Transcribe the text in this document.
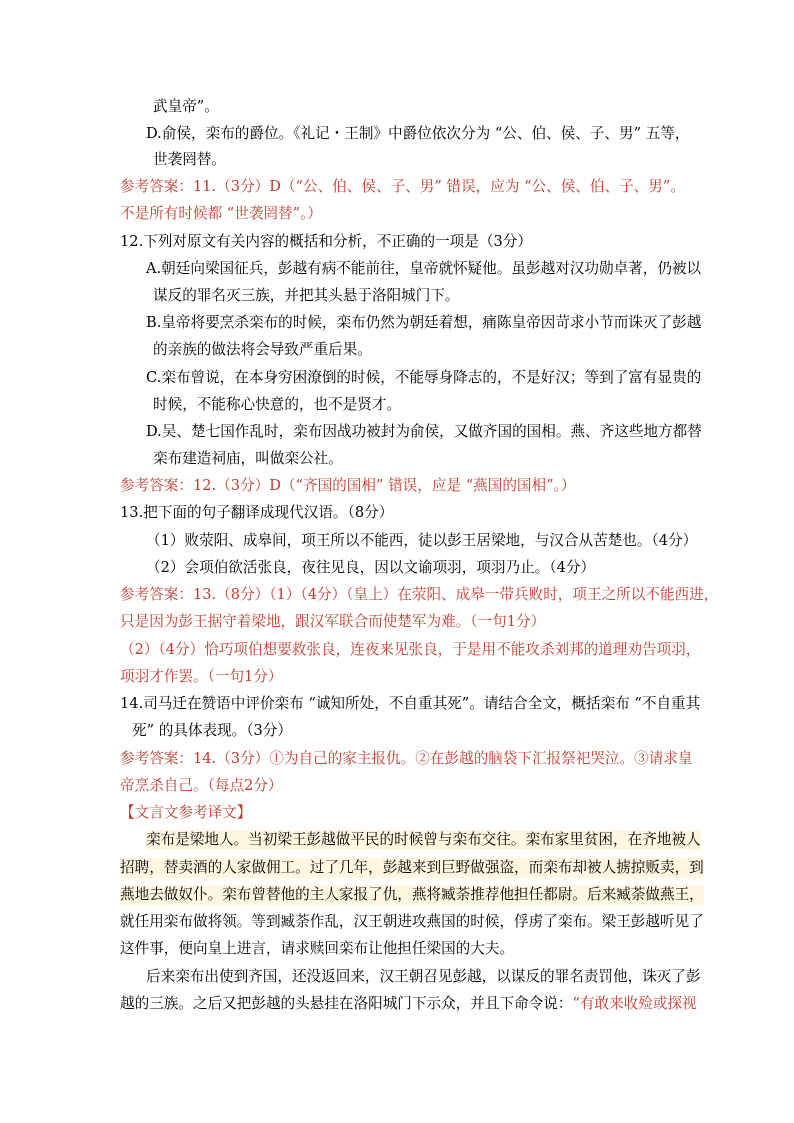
武皇帝”。
D.俞侯，栾布的爵位。《礼记・王制》中爵位依次分为 “公、伯、侯、子、男” 五等，
世袭罔替。
参考答案：11.（3分）D（“公、伯、侯、子、男” 错误，应为 “公、侯、伯、子、男”。
不是所有时候都 “世袭罔替”。）
12.下列对原文有关内容的概括和分析，不正确的一项是（3分）
A.朝廷向梁国征兵，彭越有病不能前往，皇帝就怀疑他。虽彭越对汉功勋卓著，仍被以
谋反的罪名灭三族，并把其头悬于洛阳城门下。
B.皇帝将要烹杀栾布的时候，栾布仍然为朝廷着想，痛陈皇帝因苛求小节而诛灭了彭越
的亲族的做法将会导致严重后果。
C.栾布曾说，在本身穷困潦倒的时候，不能辱身降志的，不是好汉；等到了富有显贵的
时候，不能称心快意的，也不是贤才。
D.吴、楚七国作乱时，栾布因战功被封为俞侯，又做齐国的国相。燕、齐这些地方都替
栾布建造祠庙，叫做栾公社。
参考答案：12.（3分）D（“齐国的国相” 错误，应是 “燕国的国相”。）
13.把下面的句子翻译成现代汉语。（8分）
（1）败荥阳、成皋间，项王所以不能西，徒以彭王居梁地，与汉合从苦楚也。（4分）
（2）会项伯欲活张良，夜往见良，因以文谕项羽，项羽乃止。（4分）
参考答案：13.（8分）（1）（4分）（皇上）在荥阳、成皋一带兵败时，项王之所以不能西进，
只是因为彭王据守着梁地，跟汉军联合而使楚军为难。（一句1分）
（2）（4分）恰巧项伯想要救张良，连夜来见张良，于是用不能攻杀刘邦的道理劝告项羽，
项羽才作罢。（一句1分）
14.司马迁在赞语中评价栾布 “诚知所处，不自重其死”。请结合全文，概括栾布 “不自重其
死” 的具体表现。（3分）
参考答案：14.（3分）①为自己的家主报仇。②在彭越的脑袋下汇报祭祀哭泣。③请求皇
帝烹杀自己。（每点2分）
【文言文参考译文】
栾布是梁地人。当初梁王彭越做平民的时候曾与栾布交往。栾布家里贫困，在齐地被人
招聘，替卖酒的人家做佣工。过了几年，彭越来到巨野做强盗，而栾布却被人掳掠贩卖，到
燕地去做奴仆。栾布曾替他的主人家报了仇，燕将臧荼推荐他担任都尉。后来臧荼做燕王，
就任用栾布做将领。等到臧荼作乱，汉王朝进攻燕国的时候，俘虏了栾布。梁王彭越听见了
这件事，便向皇上进言，请求赎回栾布让他担任梁国的大夫。
后来栾布出使到齐国，还没返回来，汉王朝召见彭越，以谋反的罪名责罚他，诛灭了彭
越的三族。之后又把彭越的头悬挂在洛阳城门下示众，并且下命令说：“有敢来收殓或探视
